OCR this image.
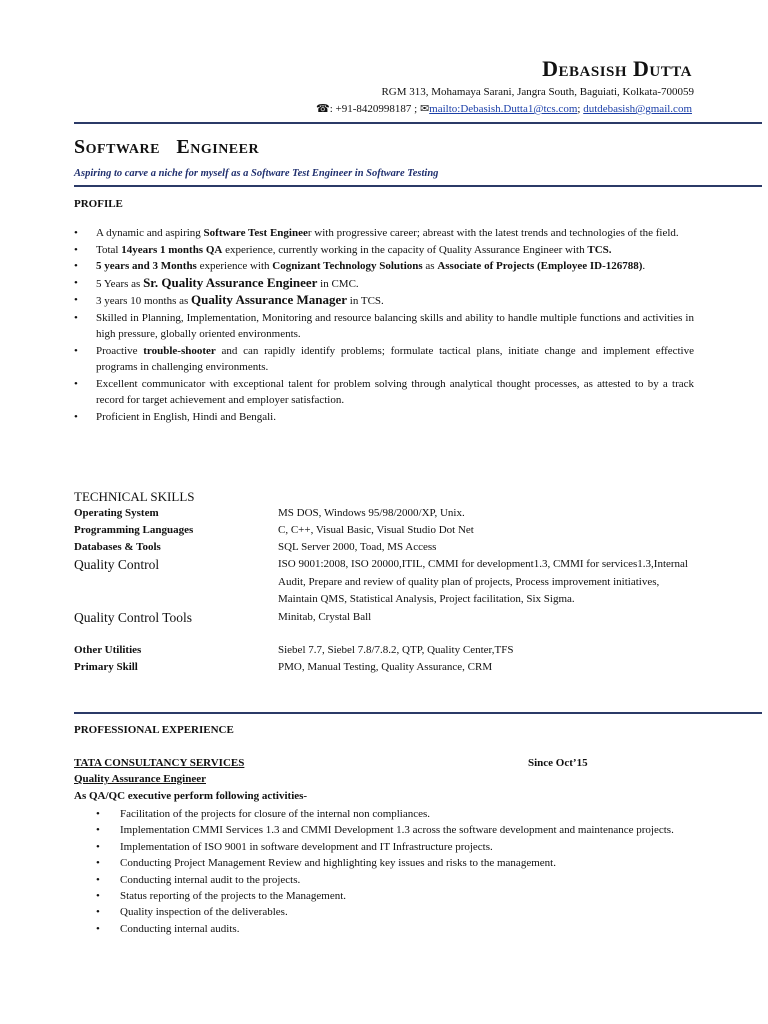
Debasish Dutta
RGM 313, Mohamaya Sarani, Jangra South, Baguiati, Kolkata-700059
☎: +91-8420998187 ; ✉mailto:Debasish.Dutta1@tcs.com; dutdebasish@gmail.com
Software   Engineer
Aspiring to carve a niche for myself as a Software Test Engineer in Software Testing
PROFILE
• A dynamic and aspiring Software Test Engineer with progressive career; abreast with the latest trends and technologies of the field.
• Total 14years 1 months QA experience, currently working in the capacity of Quality Assurance Engineer with TCS.
• 5 years and 3 Months experience with Cognizant Technology Solutions as Associate of Projects (Employee ID-126788).
• 5 Years as Sr. Quality Assurance Engineer in CMC.
• 3 years 10 months as Quality Assurance Manager in TCS.
• Skilled in Planning, Implementation, Monitoring and resource balancing skills and ability to handle multiple functions and activities in high pressure, globally oriented environments.
• Proactive trouble-shooter and can rapidly identify problems; formulate tactical plans, initiate change and implement effective programs in challenging environments.
• Excellent communicator with exceptional talent for problem solving through analytical thought processes, as attested to by a track record for target achievement and employer satisfaction.
• Proficient in English, Hindi and Bengali.
TECHNICAL SKILLS
Operating System	MS DOS, Windows 95/98/2000/XP, Unix.
Programming Languages	C, C++, Visual Basic, Visual Studio Dot Net
Databases & Tools	SQL Server 2000, Toad, MS Access
Quality Control	ISO 9001:2008, ISO 20000,ITIL, CMMI for development1.3, CMMI for services1.3,Internal Audit, Prepare and review of quality plan of projects, Process improvement initiatives, Maintain QMS, Statistical Analysis, Project facilitation, Six Sigma.
Quality Control Tools	Minitab, Crystal Ball
Other Utilities	Siebel 7.7, Siebel 7.8/7.8.2, QTP, Quality Center,TFS
Primary Skill	PMO, Manual Testing, Quality Assurance, CRM
PROFESSIONAL EXPERIENCE
TATA CONSULTANCY SERVICES	Since Oct’15
Quality Assurance Engineer
As QA/QC executive perform following activities-
• Facilitation of the projects for closure of the internal non compliances.
• Implementation CMMI Services 1.3 and CMMI Development 1.3 across the software development and maintenance projects.
• Implementation of ISO 9001 in software development and IT Infrastructure projects.
• Conducting Project Management Review and highlighting key issues and risks to the management.
• Conducting internal audit to the projects.
• Status reporting of the projects to the Management.
• Quality inspection of the deliverables.
• Conducting internal audits.
